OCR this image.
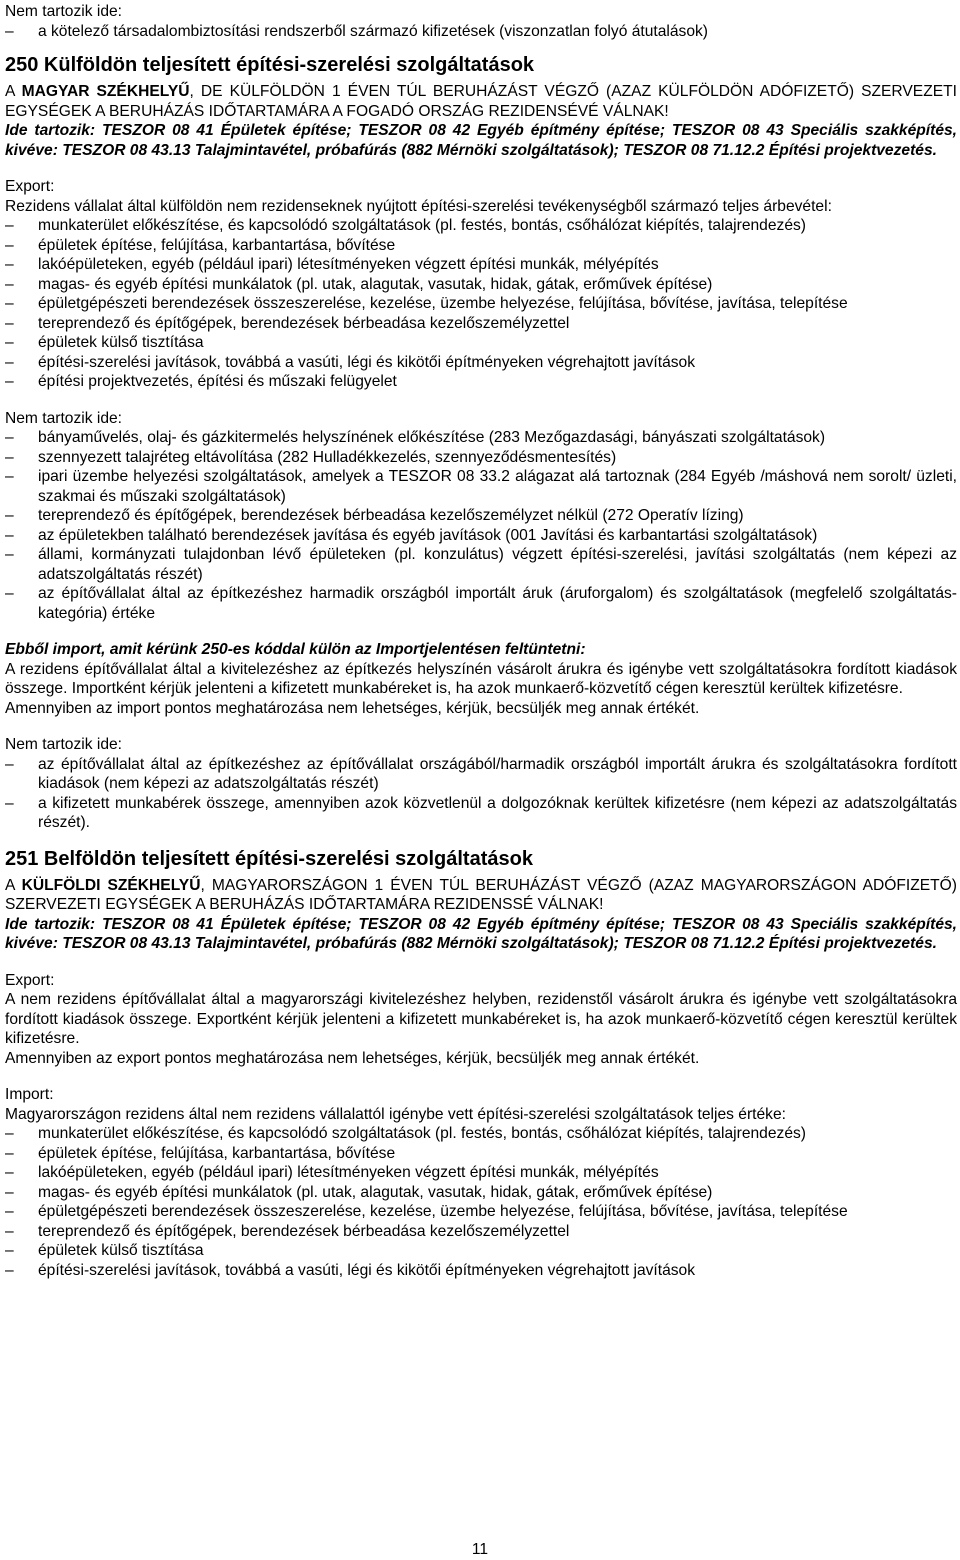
Nem tartozik ide:

– a kötelező társadalombiztosítási rendszerből származó kifizetések (viszonzatlan folyó átutalások)

250 Külföldön teljesített építési-szerelési szolgáltatások

A MAGYAR SZÉKHELYŰ, DE KÜLFÖLDÖN 1 ÉVEN TÚL BERUHÁZÁST VÉGZŐ (AZAZ KÜLFÖLDÖN ADÓFIZETŐ) SZERVEZETI EGYSÉGEK A BERUHÁZÁS IDŐTARTAMÁRA A FOGADÓ ORSZÁG REZIDENSÉVÉ VÁLNAK!

Ide tartozik: TESZOR 08 41 Épületek építése; TESZOR 08 42 Egyéb építmény építése; TESZOR 08 43 Speciális szakképítés, kivéve: TESZOR 08 43.13 Talajmintavétel, próbafúrás (882 Mérnöki szolgáltatások); TESZOR 08 71.12.2 Építési projektvezetés.

Export:

Rezidens vállalat által külföldön nem rezidenseknek nyújtott építési-szerelési tevékenységből származó teljes árbevétel:

– munkaterület előkészítése, és kapcsolódó szolgáltatások (pl. festés, bontás, csőhálózat kiépítés, talajrendezés)
– épületek építése, felújítása, karbantartása, bővítése
– lakóépületeken, egyéb (például ipari) létesítményeken végzett építési munkák, mélyépítés
– magas- és egyéb építési munkálatok (pl. utak, alagutak, vasutak, hidak, gátak, erőművek építése)
– épületgépészeti berendezések összeszerelése, kezelése, üzembe helyezése, felújítása, bővítése, javítása, telepítése
– tereprendező és építőgépek, berendezések bérbeadása kezelőszemélyzettel
– épületek külső tisztítása
– építési-szerelési javítások, továbbá a vasúti, légi és kikötői építményeken végrehajtott javítások
– építési projektvezetés, építési és műszaki felügyelet

Nem tartozik ide:

– bányaművelés, olaj- és gázkitermelés helyszínének előkészítése (283 Mezőgazdasági, bányászati szolgáltatások)
– szennyezett talajréteg eltávolítása (282 Hulladékkezelés, szennyeződésmentesítés)
– ipari üzembe helyezési szolgáltatások, amelyek a TESZOR 08 33.2 alágazat alá tartoznak (284 Egyéb /máshová nem sorolt/ üzleti, szakmai és műszaki szolgáltatások)
– tereprendező és építőgépek, berendezések bérbeadása kezelőszemélyzet nélkül (272 Operatív lízing)
– az épületekben található berendezések javítása és egyéb javítások (001 Javítási és karbantartási szolgáltatások)
– állami, kormányzati tulajdonban lévő épületeken (pl. konzulátus) végzett építési-szerelési, javítási szolgáltatás (nem képezi az adatszolgáltatás részét)
– az építővállalat által az építkezéshez harmadik országból importált áruk (áruforgalom) és szolgáltatások (megfelelő szolgáltatás-kategória) értéke

Ebből import, amit kérünk 250-es kóddal külön az Importjelentésen feltüntetni:

A rezidens építővállalat által a kivitelezéshez az építkezés helyszínén vásárolt árukra és igénybe vett szolgáltatásokra fordított kiadások összege. Importként kérjük jelenteni a kifizetett munkabéreket is, ha azok munkaerő-közvetítő cégen keresztül kerültek kifizetésre.

Amennyiben az import pontos meghatározása nem lehetséges, kérjük, becsüljék meg annak értékét.

Nem tartozik ide:

– az építővállalat által az építkezéshez az építővállalat országából/harmadik országból importált árukra és szolgáltatásokra fordított kiadások (nem képezi az adatszolgáltatás részét)
– a kifizetett munkabérek összege, amennyiben azok közvetlenül a dolgozóknak kerültek kifizetésre (nem képezi az adatszolgáltatás részét).

251 Belföldön teljesített építési-szerelési szolgáltatások

A KÜLFÖLDI SZÉKHELYŰ, MAGYARORSZÁGON 1 ÉVEN TÚL BERUHÁZÁST VÉGZŐ (AZAZ MAGYARORSZÁGON ADÓFIZETŐ) SZERVEZETI EGYSÉGEK A BERUHÁZÁS IDŐTARTAMÁRA REZIDENSSÉ VÁLNAK!

Ide tartozik: TESZOR 08 41 Épületek építése; TESZOR 08 42 Egyéb építmény építése; TESZOR 08 43 Speciális szakképítés, kivéve: TESZOR 08 43.13 Talajmintavétel, próbafúrás (882 Mérnöki szolgáltatások); TESZOR 08 71.12.2 Építési projektvezetés.

Export:

A nem rezidens építővállalat által a magyarországi kivitelezéshez helyben, rezidenstől vásárolt árukra és igénybe vett szolgáltatásokra fordított kiadások összege. Exportként kérjük jelenteni a kifizetett munkabéreket is, ha azok munkaerő-közvetítő cégen keresztül kerültek kifizetésre.

Amennyiben az export pontos meghatározása nem lehetséges, kérjük, becsüljék meg annak értékét.

Import:

Magyarországon rezidens által nem rezidens vállalattól igénybe vett építési-szerelési szolgáltatások teljes értéke:

– munkaterület előkészítése, és kapcsolódó szolgáltatások (pl. festés, bontás, csőhálózat kiépítés, talajrendezés)
– épületek építése, felújítása, karbantartása, bővítése
– lakóépületeken, egyéb (például ipari) létesítményeken végzett építési munkák, mélyépítés
– magas- és egyéb építési munkálatok (pl. utak, alagutak, vasutak, hidak, gátak, erőművek építése)
– épületgépészeti berendezések összeszerelése, kezelése, üzembe helyezése, felújítása, bővítése, javítása, telepítése
– tereprendező és építőgépek, berendezések bérbeadása kezelőszemélyzettel
– épületek külső tisztítása
– építési-szerelési javítások, továbbá a vasúti, légi és kikötői építményeken végrehajtott javítások
11
